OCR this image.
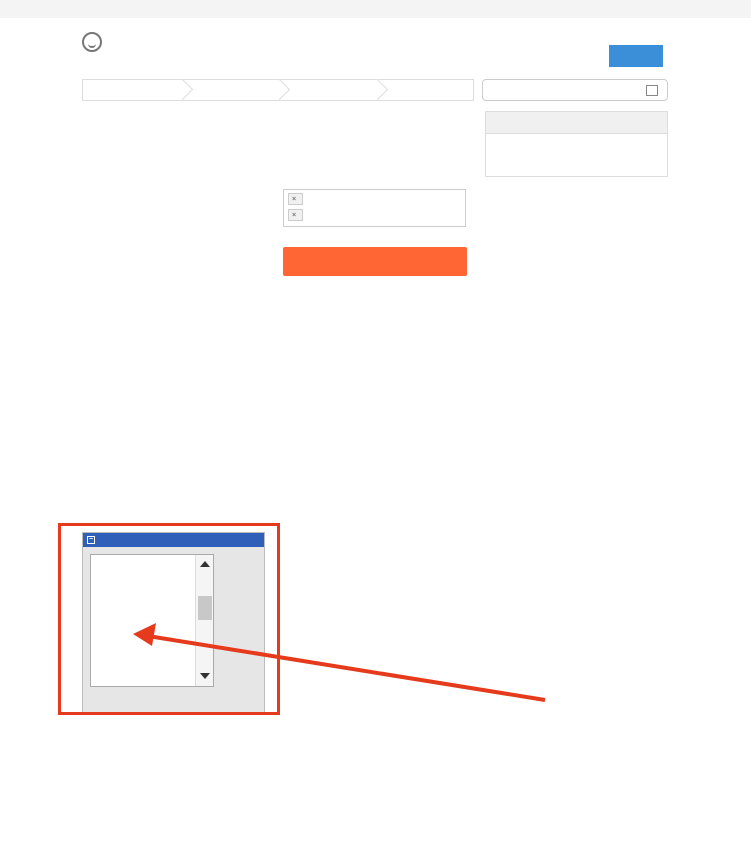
−
×
×
